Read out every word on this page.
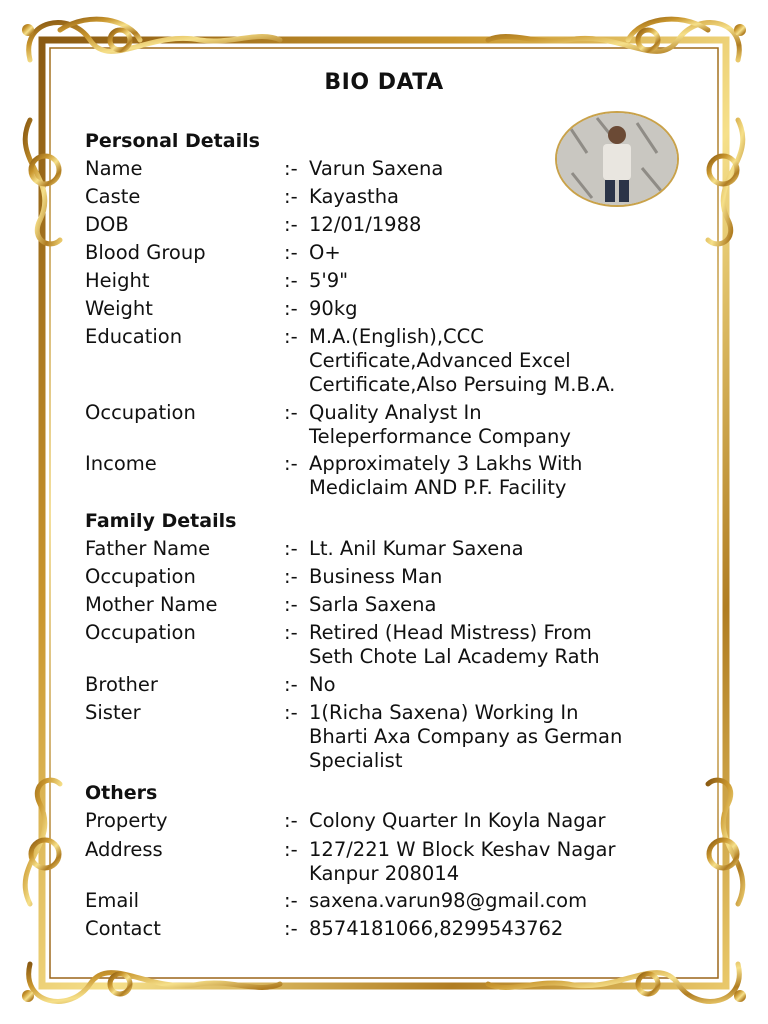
BIO DATA
Personal Details
Name	:- Varun Saxena
Caste	:- Kayastha
DOB	:- 12/01/1988
Blood Group	:- O+
Height	:- 5'9"
Weight	:- 90kg
Education	:- M.A.(English),CCC
Certificate,Advanced Excel
Certificate,Also Persuing M.B.A.
Occupation	:- Quality Analyst In
Teleperformance Company
Income	:- Approximately 3 Lakhs With
Mediclaim AND P.F. Facility
Family Details
Father Name	:- Lt. Anil Kumar Saxena
Occupation	:- Business Man
Mother Name	:- Sarla Saxena
Occupation	:- Retired (Head Mistress) From
Seth Chote Lal Academy Rath
Brother	:- No
Sister	:- 1(Richa Saxena) Working In
Bharti Axa Company as German
Specialist
Others
Property	:- Colony Quarter In Koyla Nagar
Address	:- 127/221 W Block Keshav Nagar
Kanpur 208014
Email	:- saxena.varun98@gmail.com
Contact	:- 8574181066,8299543762
